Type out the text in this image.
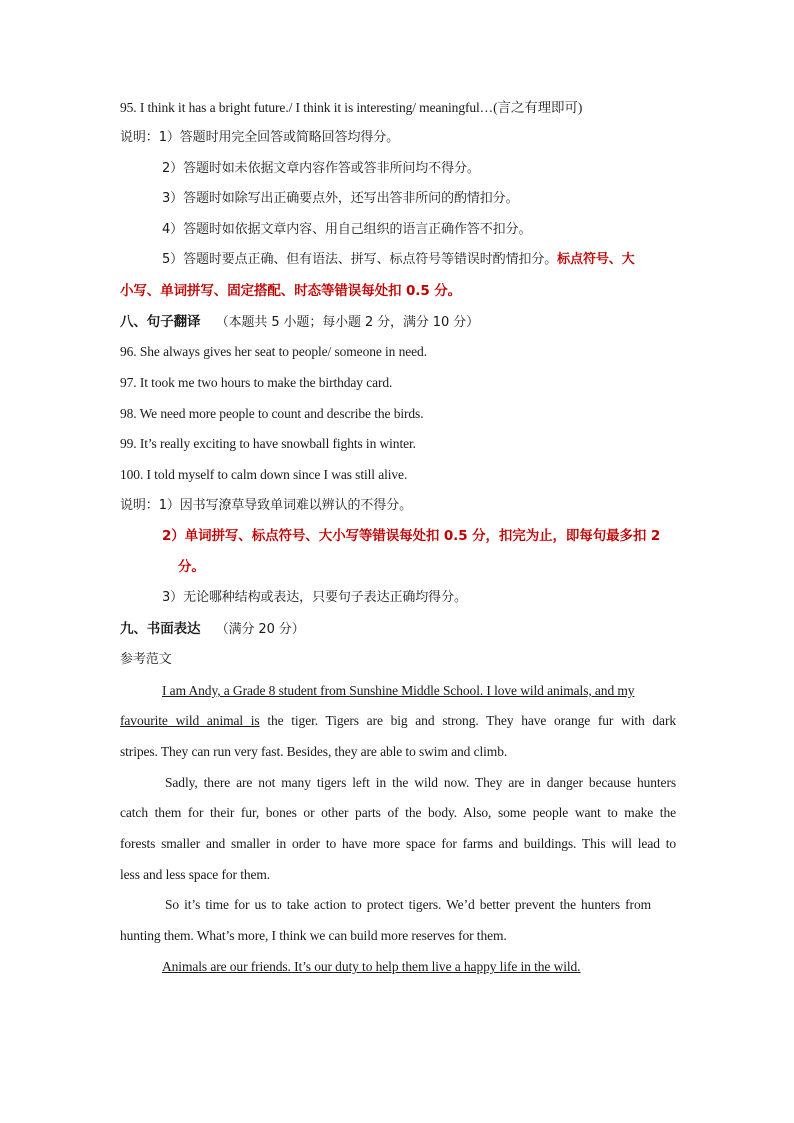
95. I think it has a bright future./ I think it is interesting/ meaningful…(言之有理即可)
说明：1）答题时用完全回答或简略回答均得分。
2）答题时如未依据文章内容作答或答非所问均不得分。
3）答题时如除写出正确要点外，还写出答非所问的酌情扣分。
4）答题时如依据文章内容、用自己组织的语言正确作答不扣分。
5）答题时要点正确、但有语法、拼写、标点符号等错误时酌情扣分。标点符号、大
小写、单词拼写、固定搭配、时态等错误每处扣 0.5 分。
八、句子翻译 （本题共 5 小题；每小题 2 分，满分 10 分）
96. She always gives her seat to people/ someone in need.
97. It took me two hours to make the birthday card.
98. We need more people to count and describe the birds.
99. It’s really exciting to have snowball fights in winter.
100. I told myself to calm down since I was still alive.
说明：1）因书写潦草导致单词难以辨认的不得分。
2）单词拼写、标点符号、大小写等错误每处扣 0.5 分，扣完为止，即每句最多扣 2
分。
3）无论哪种结构或表达，只要句子表达正确均得分。
九、书面表达 （满分 20 分）
参考范文
I am Andy, a Grade 8 student from Sunshine Middle School. I love wild animals, and my
favourite wild animal is the tiger. Tigers are big and strong. They have orange fur with dark
stripes. They can run very fast. Besides, they are able to swim and climb.
Sadly, there are not many tigers left in the wild now. They are in danger because hunters
catch them for their fur, bones or other parts of the body. Also, some people want to make the
forests smaller and smaller in order to have more space for farms and buildings. This will lead to
less and less space for them.
So it’s time for us to take action to protect tigers. We’d better prevent the hunters from
hunting them. What’s more, I think we can build more reserves for them.
Animals are our friends. It’s our duty to help them live a happy life in the wild.
